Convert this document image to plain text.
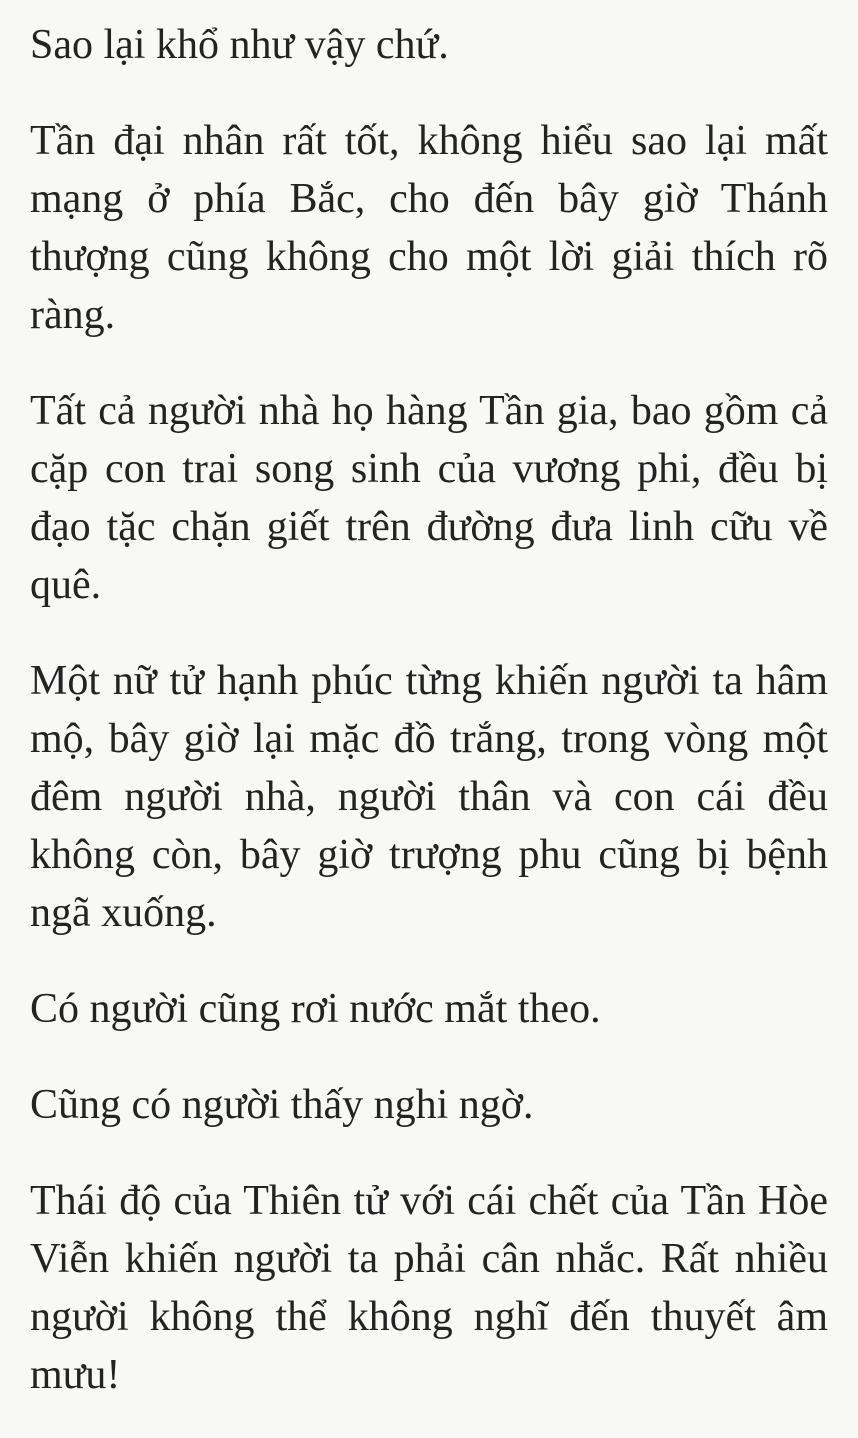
Sao lại khổ như vậy chứ.

Tần đại nhân rất tốt, không hiểu sao lại mất mạng ở phía Bắc, cho đến bây giờ Thánh thượng cũng không cho một lời giải thích rõ ràng.

Tất cả người nhà họ hàng Tần gia, bao gồm cả cặp con trai song sinh của vương phi, đều bị đạo tặc chặn giết trên đường đưa linh cữu về quê.

Một nữ tử hạnh phúc từng khiến người ta hâm mộ, bây giờ lại mặc đồ trắng, trong vòng một đêm người nhà, người thân và con cái đều không còn, bây giờ trượng phu cũng bị bệnh ngã xuống.

Có người cũng rơi nước mắt theo.

Cũng có người thấy nghi ngờ.

Thái độ của Thiên tử với cái chết của Tần Hòe Viễn khiến người ta phải cân nhắc. Rất nhiều người không thể không nghĩ đến thuyết âm mưu!
